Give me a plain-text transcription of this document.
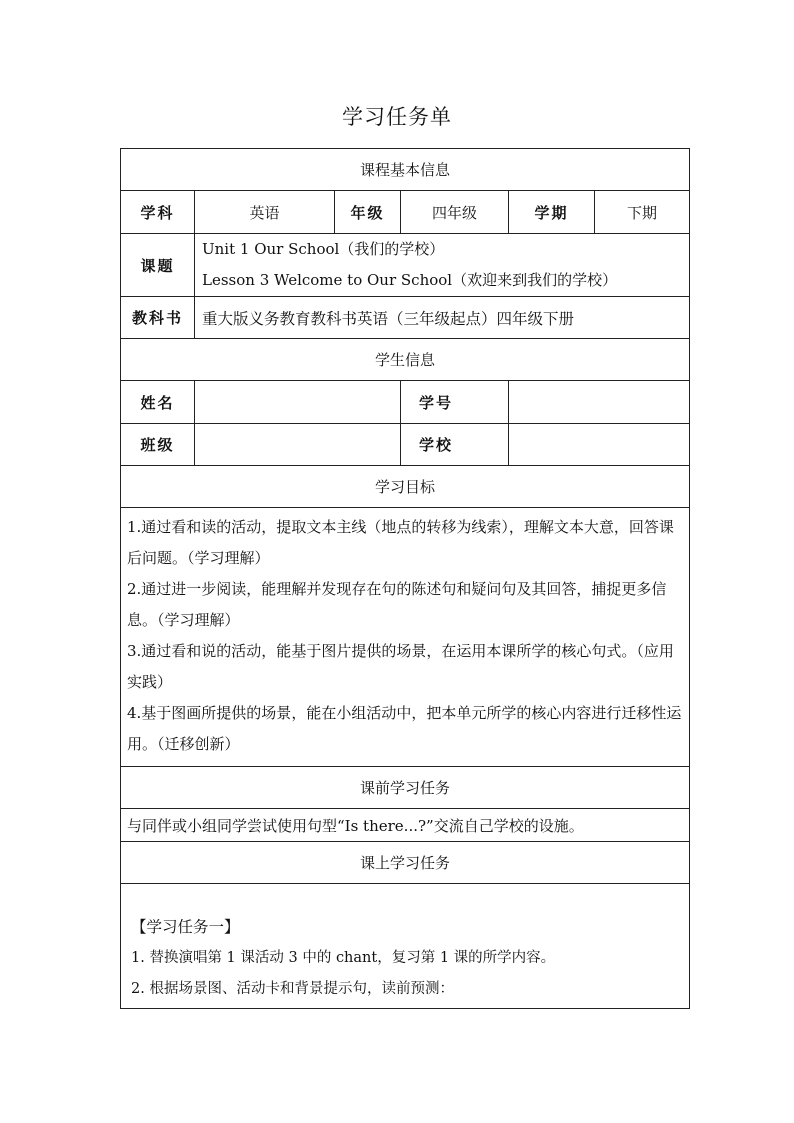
学习任务单
课程基本信息					
学科	英语	年级	四年级	学期	下期
课题	Unit 1 Our School（我们的学校）
Lesson 3 Welcome to Our School（欢迎来到我们的学校）				

教科书	重大版义务教育教科书英语（三年级起点）四年级下册				
学生信息					
姓名			学号		
班级			学校		
学习目标					

1.通过看和读的活动，提取文本主线（地点的转移为线索），理解文本大意，回答课后问题。（学习理解）
2.通过进一步阅读，能理解并发现存在句的陈述句和疑问句及其回答，捕捉更多信息。（学习理解）
3.通过看和说的活动，能基于图片提供的场景，在运用本课所学的核心句式。（应用实践）
4.基于图画所提供的场景，能在小组活动中，把本单元所学的核心内容进行迁移性运用。（迁移创新）					

课前学习任务					
与同伴或小组同学尝试使用句型“Is there...?”交流自己学校的设施。					
课上学习任务					

【学习任务一】
1. 替换演唱第 1 课活动 3 中的 chant，复习第 1 课的所学内容。
2. 根据场景图、活动卡和背景提示句，读前预测：					
